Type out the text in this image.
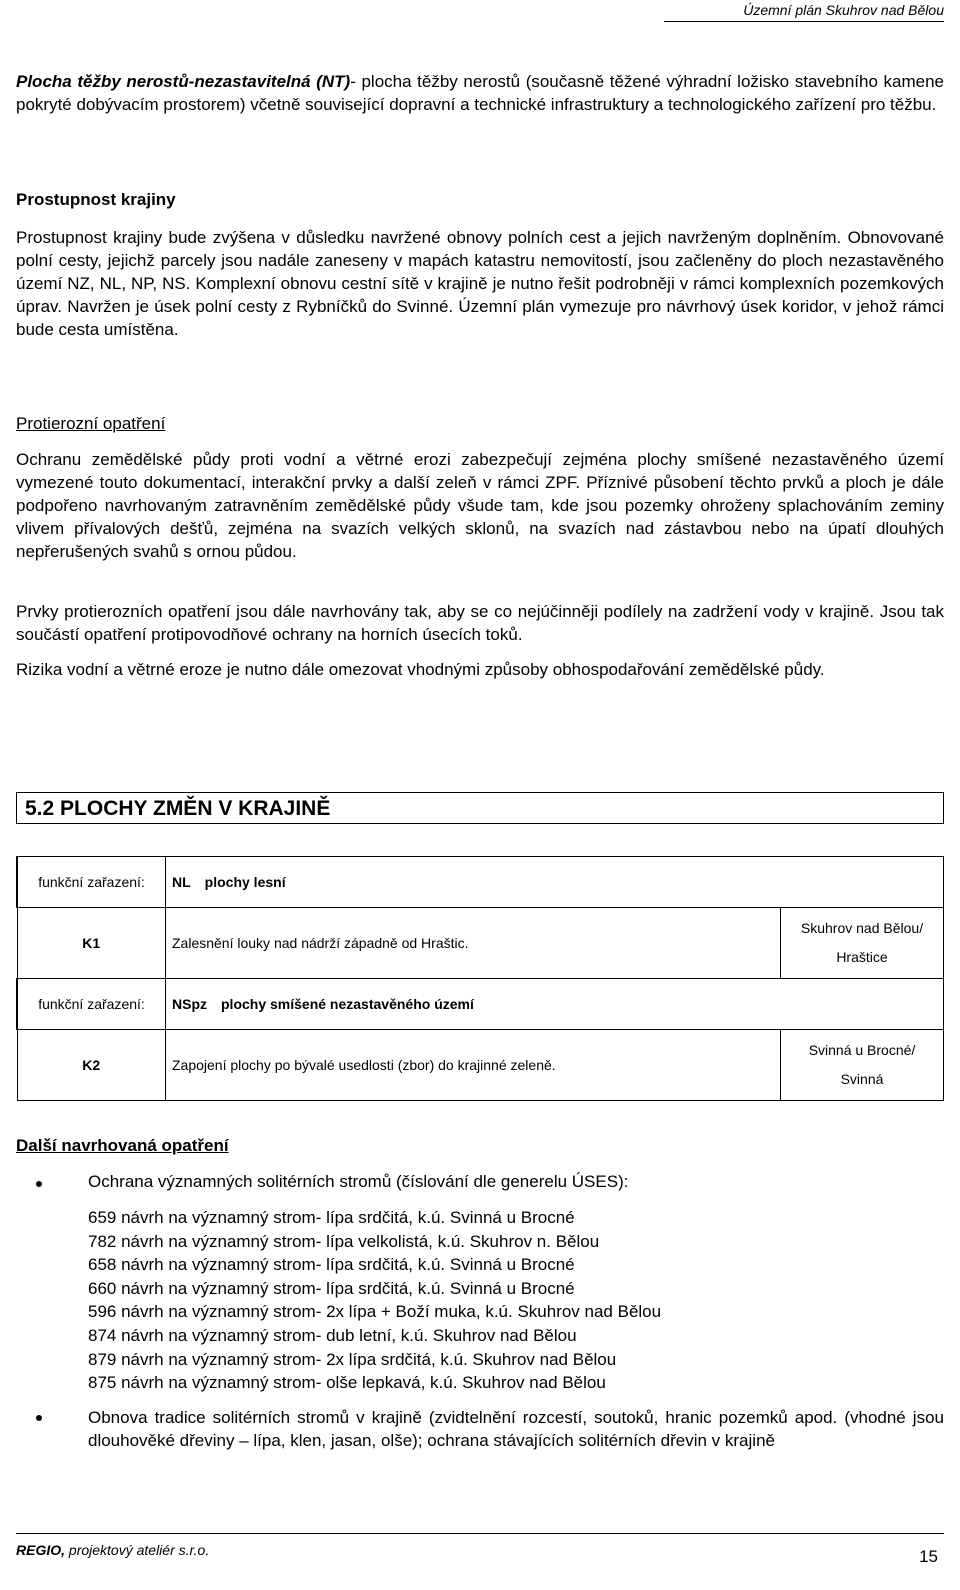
Územní plán Skuhrov nad Bělou
Plocha těžby nerostů-nezastavitelná (NT)- plocha těžby nerostů (současně těžené výhradní ložisko stavebního kamene pokryté dobývacím prostorem) včetně související dopravní a technické infrastruktury a technologického zařízení pro těžbu.
Prostupnost krajiny
Prostupnost krajiny bude zvýšena v důsledku navržené obnovy polních cest a jejich navrženým doplněním. Obnovované polní cesty, jejichž parcely jsou nadále zaneseny v mapách katastru nemovitostí, jsou začleněny do ploch nezastavěného území NZ, NL, NP, NS. Komplexní obnovu cestní sítě v krajině je nutno řešit podrobněji v rámci komplexních pozemkových úprav. Navržen je úsek polní cesty z Rybníčků do Svinné. Územní plán vymezuje pro návrhový úsek koridor, v jehož rámci bude cesta umístěna.
Protierozní opatření
Ochranu zemědělské půdy proti vodní a větrné erozi zabezpečují zejména plochy smíšené nezastavěného území vymezené touto dokumentací, interakční prvky a další zeleň v rámci ZPF. Příznivé působení těchto prvků a ploch je dále podpořeno navrhovaným zatravněním zemědělské půdy všude tam, kde jsou pozemky ohroženy splachováním zeminy vlivem přívalových dešťů, zejména na svazích velkých sklonů, na svazích nad zástavbou nebo na úpatí dlouhých nepřerušených svahů s ornou půdou.
Prvky protierozních opatření jsou dále navrhovány tak, aby se co nejúčinněji podílely na zadržení vody v krajině. Jsou tak součástí opatření protipovodňové ochrany na horních úsecích toků.
Rizika vodní a větrné eroze je nutno dále omezovat vhodnými způsoby obhospodařování zemědělské půdy.
5.2 PLOCHY ZMĚN V KRAJINĚ
funkční zařazení:	NL plochy lesní	
K1	Zalesnění louky nad nádrží západně od Hraštic.	Skuhrov nad Bělou/
Hraštice

funkční zařazení:	NSpz plochy smíšené nezastavěného území	
K2	Zapojení plochy po bývalé usedlosti (zbor) do krajinné zeleně.	Svinná u Brocné/
Svinná
Další navrhovaná opatření
Ochrana významných solitérních stromů (číslování dle generelu ÚSES):
659 návrh na významný strom- lípa srdčitá, k.ú. Svinná u Brocné
782 návrh na významný strom- lípa velkolistá, k.ú. Skuhrov n. Bělou
658 návrh na významný strom- lípa srdčitá, k.ú. Svinná u Brocné
660 návrh na významný strom- lípa srdčitá, k.ú. Svinná u Brocné
596 návrh na významný strom- 2x lípa + Boží muka, k.ú. Skuhrov nad Bělou
874 návrh na významný strom- dub letní, k.ú. Skuhrov nad Bělou
879 návrh na významný strom- 2x lípa srdčitá, k.ú. Skuhrov nad Bělou
875 návrh na významný strom- olše lepkavá, k.ú. Skuhrov nad Bělou
Obnova tradice solitérních stromů v krajině (zvidtelnění rozcestí, soutoků, hranic pozemků apod. (vhodné jsou dlouhověké dřeviny – lípa, klen, jasan, olše); ochrana stávajících solitérních dřevin v krajině
REGIO, projektový ateliér s.r.o.	15
